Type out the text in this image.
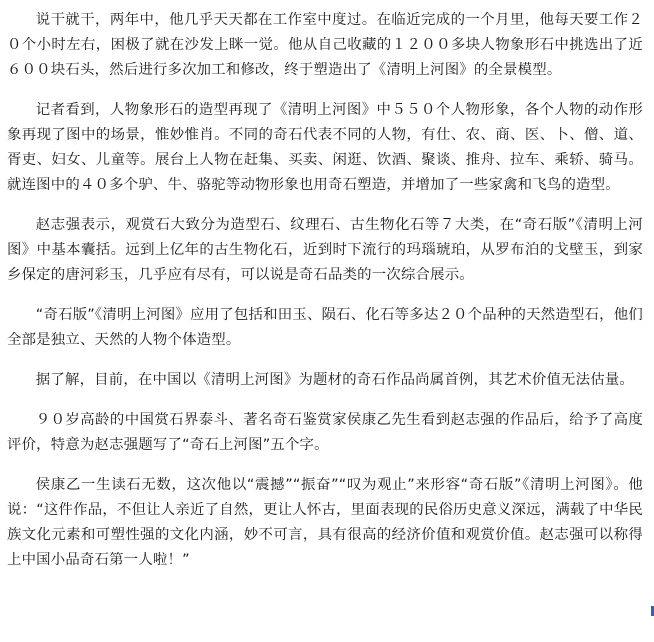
说干就干，两年中，他几乎天天都在工作室中度过。在临近完成的一个月里，他每天要工作２０个小时左右，困极了就在沙发上眯一觉。他从自己收藏的１２００多块人物象形石中挑选出了近６００块石头，然后进行多次加工和修改，终于塑造出了《清明上河图》的全景模型。

记者看到，人物象形石的造型再现了《清明上河图》中５５０个人物形象，各个人物的动作形象再现了图中的场景，惟妙惟肖。不同的奇石代表不同的人物，有仕、农、商、医、卜、僧、道、胥吏、妇女、儿童等。展台上人物在赶集、买卖、闲逛、饮酒、聚谈、推舟、拉车、乘轿、骑马。就连图中的４０多个驴、牛、骆驼等动物形象也用奇石塑造，并增加了一些家禽和飞鸟的造型。

赵志强表示，观赏石大致分为造型石、纹理石、古生物化石等７大类，在“奇石版”《清明上河图》中基本囊括。远到上亿年的古生物化石，近到时下流行的玛瑙琥珀，从罗布泊的戈壁玉，到家乡保定的唐河彩玉，几乎应有尽有，可以说是奇石品类的一次综合展示。

“奇石版”《清明上河图》应用了包括和田玉、陨石、化石等多达２０个品种的天然造型石，他们全部是独立、天然的人物个体造型。

据了解，目前，在中国以《清明上河图》为题材的奇石作品尚属首例，其艺术价值无法估量。

９０岁高龄的中国赏石界泰斗、著名奇石鉴赏家侯康乙先生看到赵志强的作品后，给予了高度评价，特意为赵志强题写了“奇石上河图”五个字。

侯康乙一生读石无数，这次他以“震撼”“振奋”“叹为观止”来形容“奇石版”《清明上河图》。他说：“这件作品，不但让人亲近了自然，更让人怀古，里面表现的民俗历史意义深远，满载了中华民族文化元素和可塑性强的文化内涵，妙不可言，具有很高的经济价值和观赏价值。赵志强可以称得上中国小品奇石第一人啦！”
